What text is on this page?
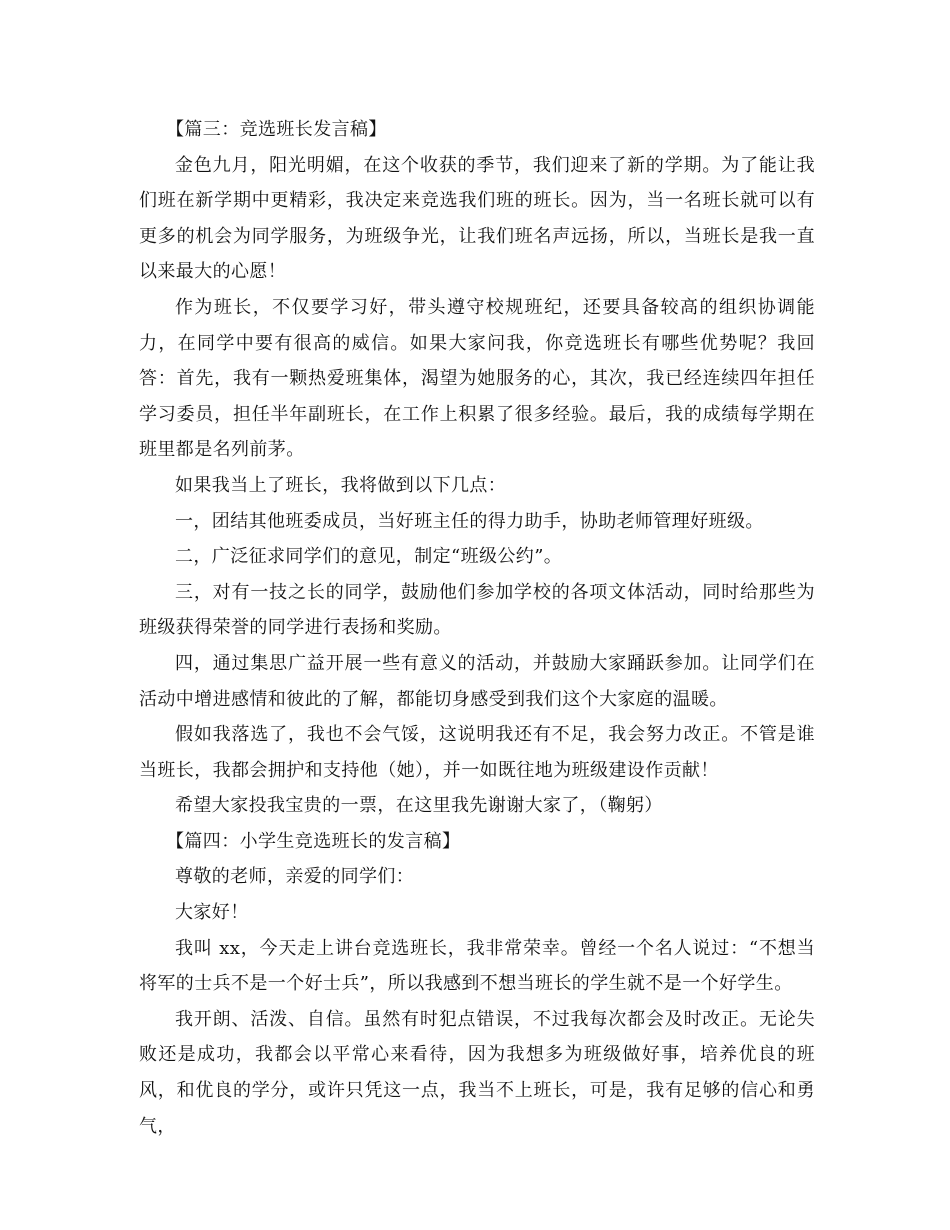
【篇三：竞选班长发言稿】

金色九月，阳光明媚，在这个收获的季节，我们迎来了新的学期。为了能让我们班在新学期中更精彩，我决定来竞选我们班的班长。因为，当一名班长就可以有更多的机会为同学服务，为班级争光，让我们班名声远扬，所以，当班长是我一直以来最大的心愿！

作为班长，不仅要学习好，带头遵守校规班纪，还要具备较高的组织协调能力，在同学中要有很高的威信。如果大家问我，你竞选班长有哪些优势呢？我回答：首先，我有一颗热爱班集体，渴望为她服务的心，其次，我已经连续四年担任学习委员，担任半年副班长，在工作上积累了很多经验。最后，我的成绩每学期在班里都是名列前茅。

如果我当上了班长，我将做到以下几点：

一，团结其他班委成员，当好班主任的得力助手，协助老师管理好班级。

二，广泛征求同学们的意见，制定“班级公约”。

三，对有一技之长的同学，鼓励他们参加学校的各项文体活动，同时给那些为班级获得荣誉的同学进行表扬和奖励。

四，通过集思广益开展一些有意义的活动，并鼓励大家踊跃参加。让同学们在活动中增进感情和彼此的了解，都能切身感受到我们这个大家庭的温暖。

假如我落选了，我也不会气馁，这说明我还有不足，我会努力改正。不管是谁当班长，我都会拥护和支持他（她），并一如既往地为班级建设作贡献！

希望大家投我宝贵的一票，在这里我先谢谢大家了，（鞠躬）

【篇四：小学生竞选班长的发言稿】

尊敬的老师，亲爱的同学们：

大家好！

我叫 xx，今天走上讲台竞选班长，我非常荣幸。曾经一个名人说过：“不想当将军的士兵不是一个好士兵”，所以我感到不想当班长的学生就不是一个好学生。

我开朗、活泼、自信。虽然有时犯点错误，不过我每次都会及时改正。无论失败还是成功，我都会以平常心来看待，因为我想多为班级做好事，培养优良的班风，和优良的学分，或许只凭这一点，我当不上班长，可是，我有足够的信心和勇气，
